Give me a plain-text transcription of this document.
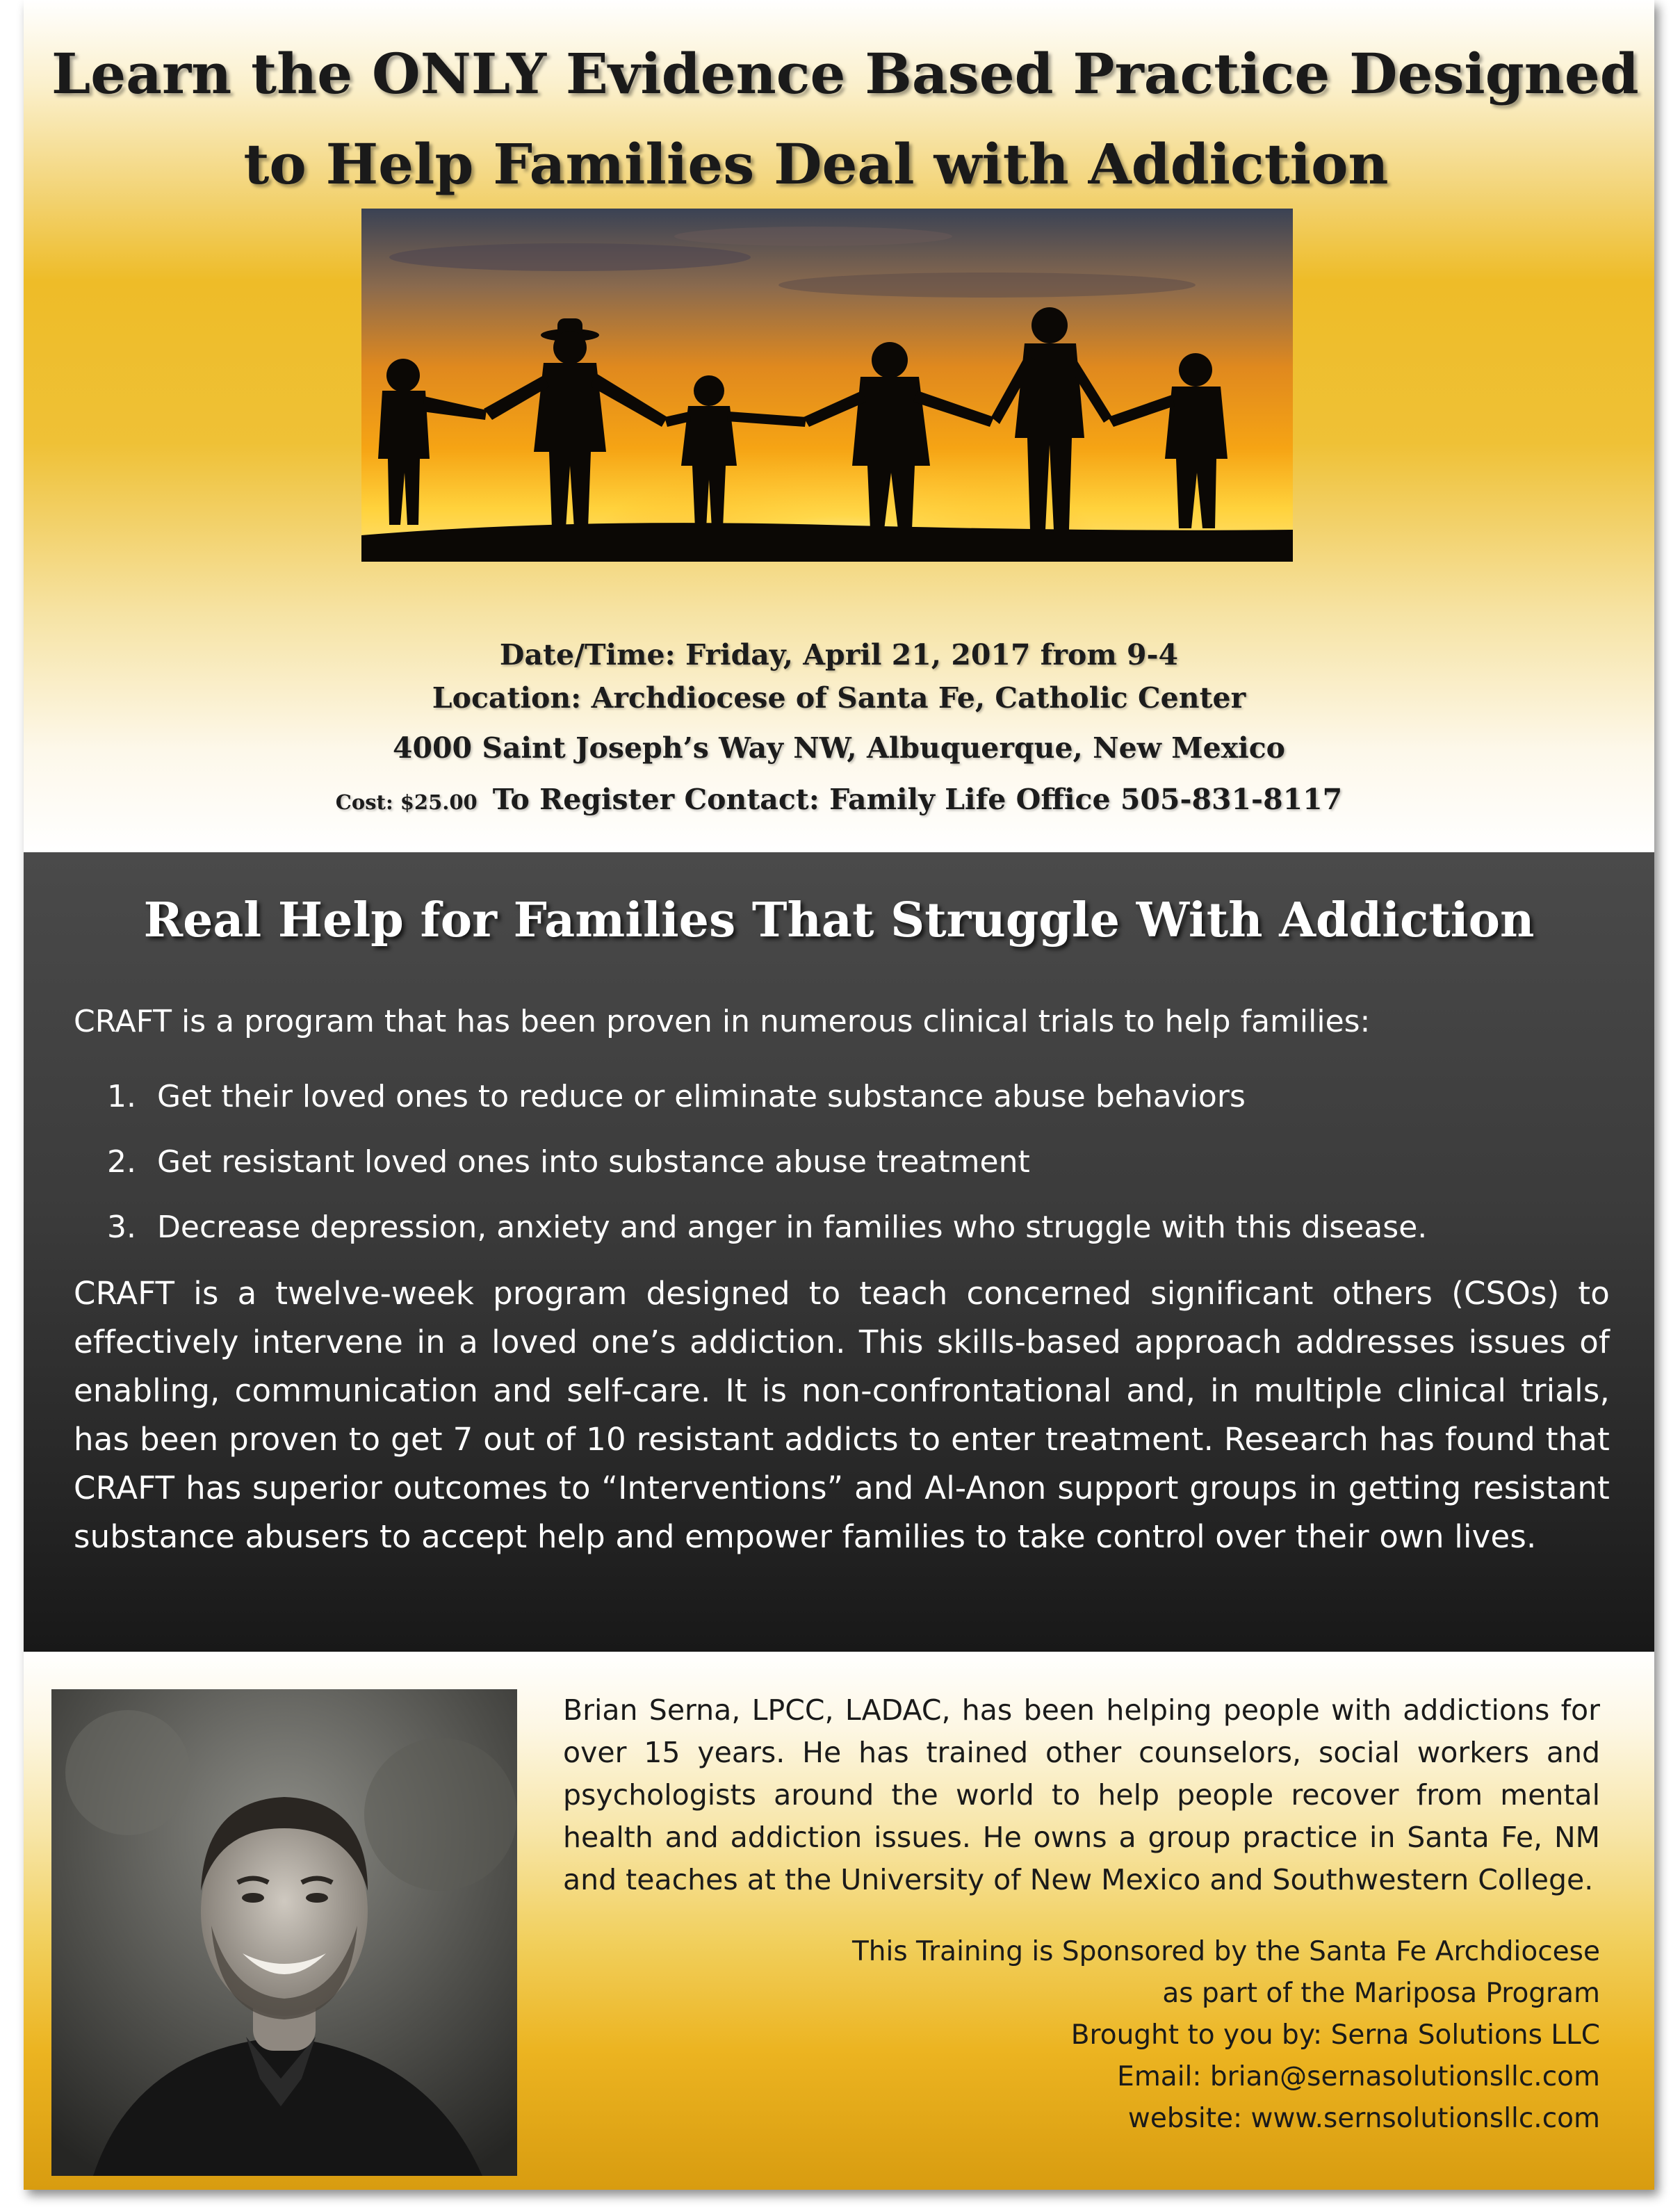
Learn the ONLY Evidence Based Practice Designed
to Help Families Deal with Addiction
Date/Time: Friday, April 21, 2017 from 9-4
Location: Archdiocese of Santa Fe, Catholic Center
4000 Saint Joseph’s Way NW, Albuquerque, New Mexico
Cost: $25.00 To Register Contact: Family Life Office 505-831-8117
Real Help for Families That Struggle With Addiction

CRAFT is a program that has been proven in numerous clinical trials to help families:

1. Get their loved ones to reduce or eliminate substance abuse behaviors
2. Get resistant loved ones into substance abuse treatment
3. Decrease depression, anxiety and anger in families who struggle with this disease.

CRAFT is a twelve-week program designed to teach concerned significant others (CSOs) to effectively intervene in a loved one’s addiction. This skills-based approach addresses issues of enabling, communication and self-care. It is non-confrontational and, in multiple clinical trials, has been proven to get 7 out of 10 resistant addicts to enter treatment. Research has found that CRAFT has superior outcomes to “Interventions” and Al-Anon support groups in getting resistant substance abusers to accept help and empower families to take control over their own lives.

Brian Serna, LPCC, LADAC, has been helping people with addictions for over 15 years. He has trained other counselors, social workers and psychologists around the world to help people recover from mental health and addiction issues. He owns a group practice in Santa Fe, NM and teaches at the University of New Mexico and Southwestern College.

This Training is Sponsored by the Santa Fe Archdiocese
as part of the Mariposa Program
Brought to you by: Serna Solutions LLC
Email: brian@sernasolutionsllc.com
website: www.sernsolutionsllc.com
